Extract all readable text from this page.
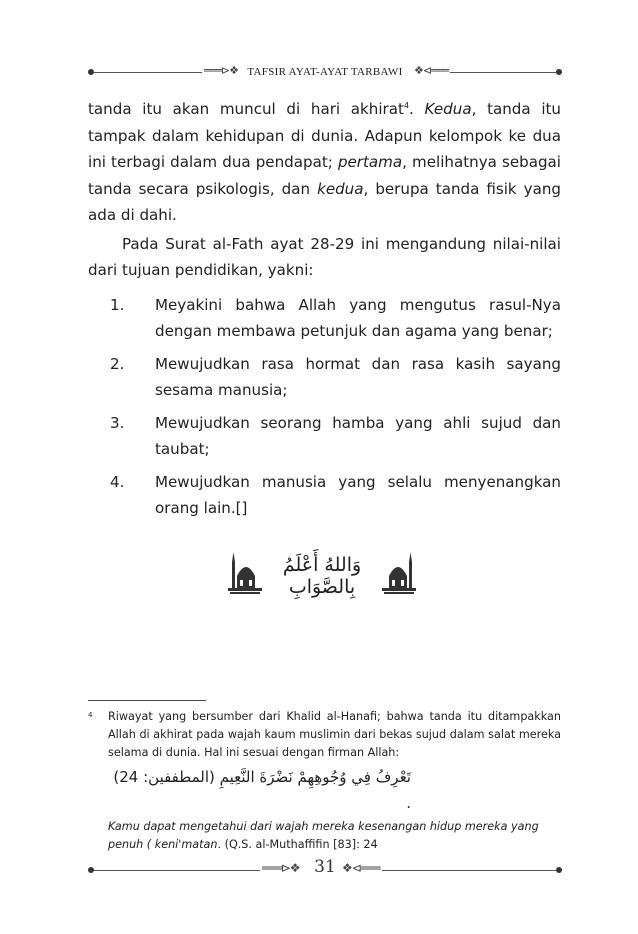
═══⊳❖ TAFSIR AYAT-AYAT TARBAWI	❖⊲═══

tanda itu akan muncul di hari akhirat$^4$. Kedua, tanda itu tampak dalam kehidupan di dunia. Adapun kelompok ke dua ini terbagi dalam dua pendapat; pertama, melihatnya sebagai tanda secara psikologis, dan kedua, berupa tanda fisik yang ada di dahi.

Pada Surat al-Fath ayat 28-29 ini mengandung nilai-nilai dari tujuan pendidikan, yakni:

1. Meyakini bahwa Allah yang mengutus rasul-Nya dengan membawa petunjuk dan agama yang benar;
2. Mewujudkan rasa hormat dan rasa kasih sayang sesama manusia;
3. Mewujudkan seorang hamba yang ahli sujud dan taubat;
4. Mewujudkan manusia yang selalu menyenangkan orang lain.[]
وَاللهُ أَعْلَمُ بِالصَّوَابِ
4 Riwayat yang bersumber dari Khalid al-Hanafi; bahwa tanda itu ditampakkan Allah di akhirat pada wajah kaum muslimin dari bekas sujud dalam salat mereka selama di dunia. Hal ini sesuai dengan firman Allah:

تَعْرِفُ فِي وُجُوهِهِمْ نَضْرَةَ النَّعِيمِ (المطففين: 24) .

Kamu dapat mengetahui dari wajah mereka kesenangan hidup mereka yang penuh ( keni'matan. (Q.S. al-Muthaffifin [83]: 24

═══⊳❖ 31 ❖⊲═══
